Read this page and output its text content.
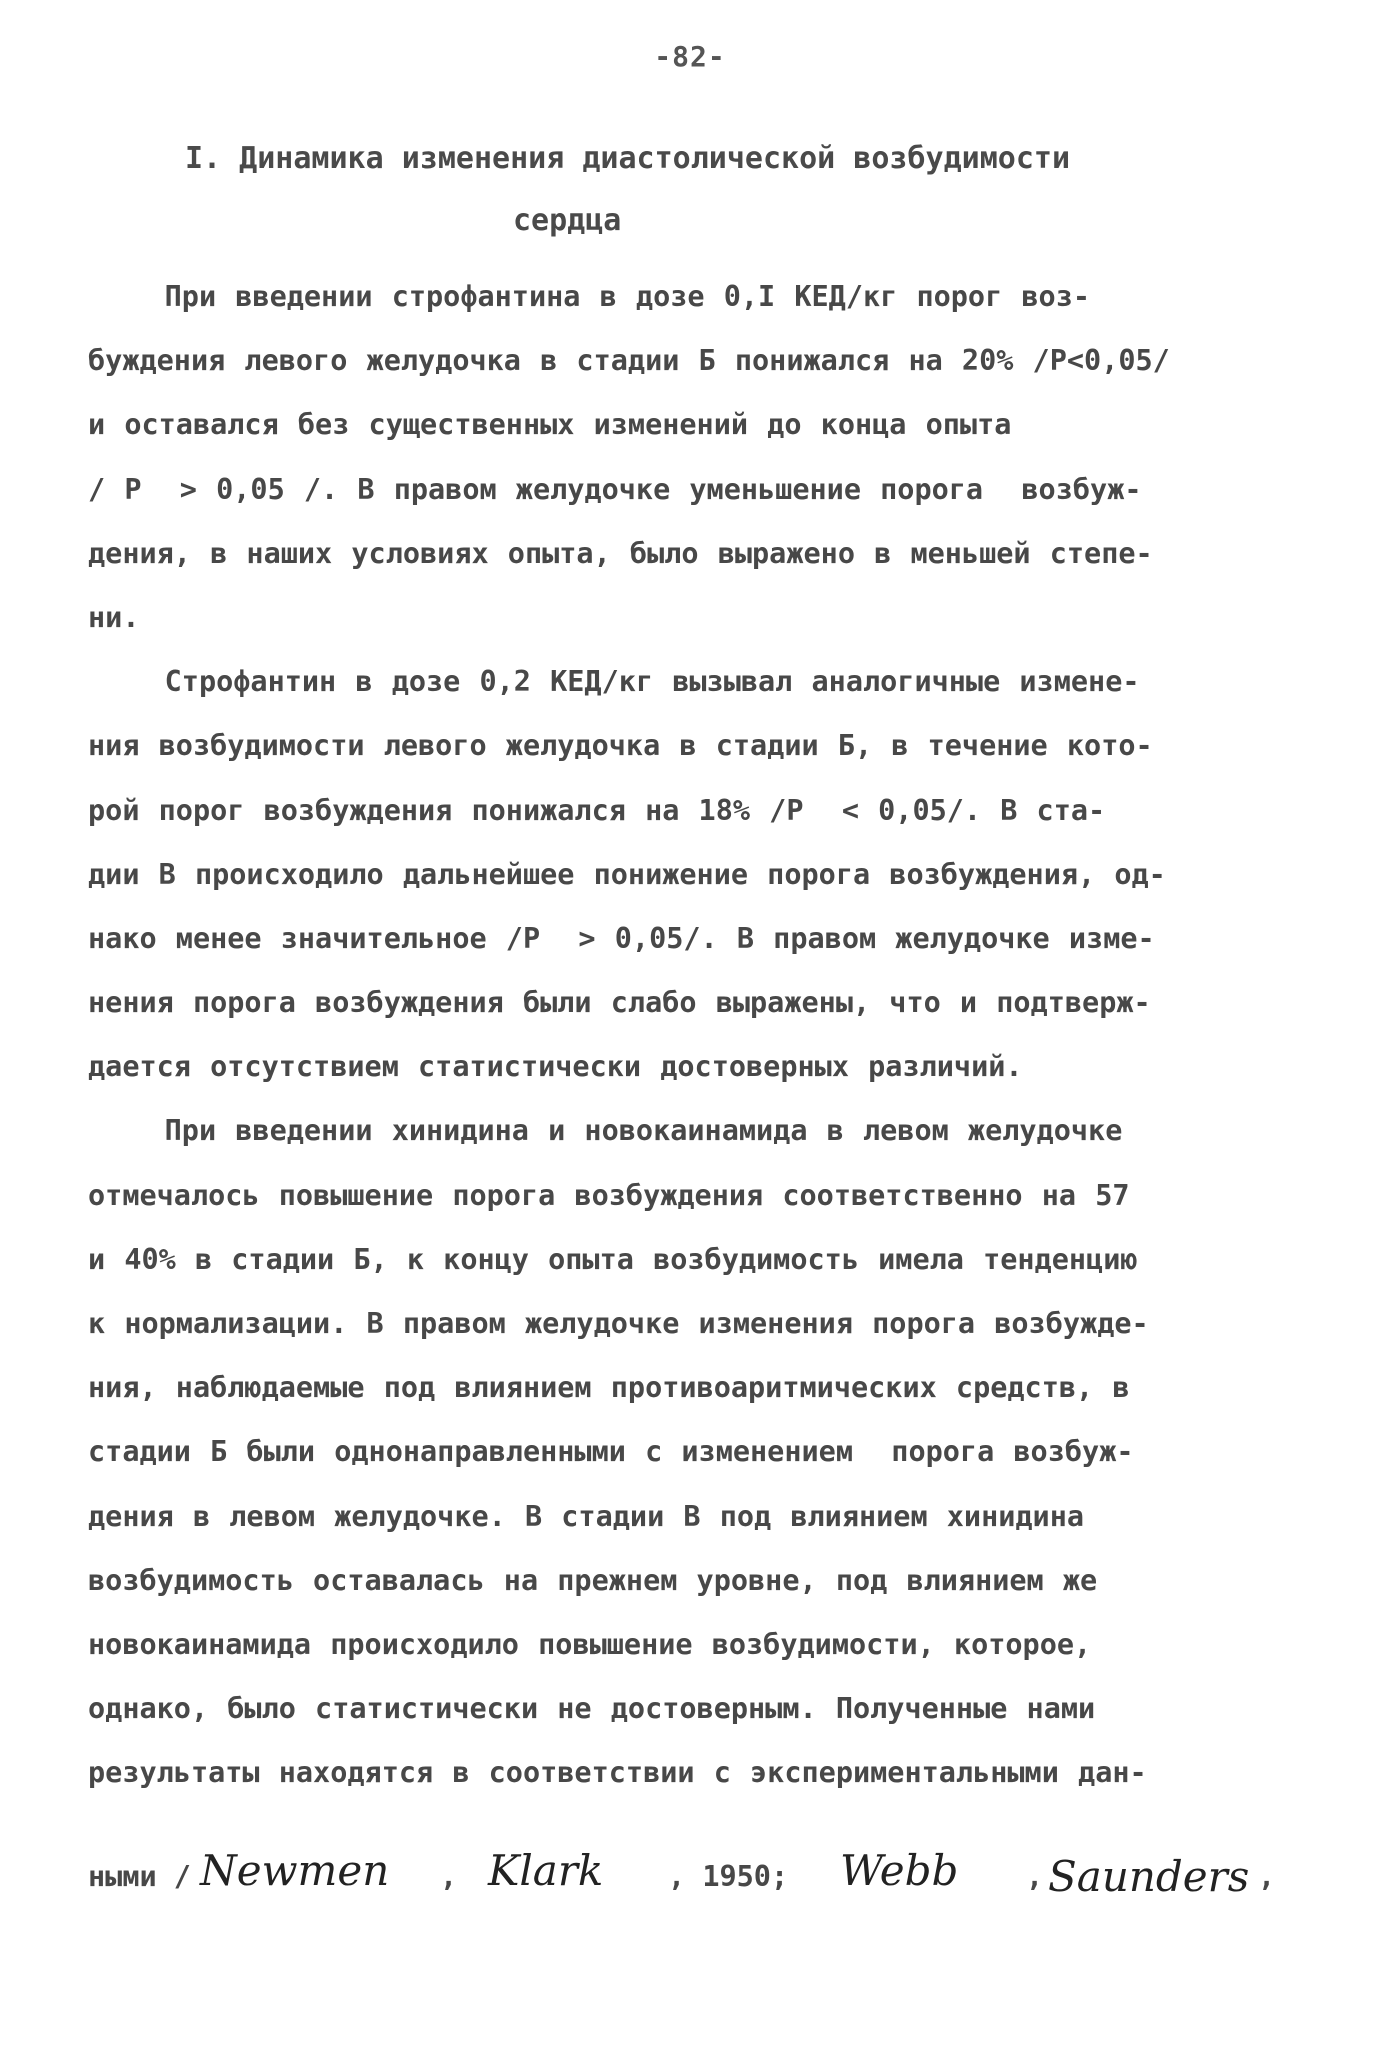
-82-
I. Динамика изменения диастолической возбудимости
сердца
При введении строфантина в дозе 0,I КЕД/кг порог воз-
буждения левого желудочка в стадии Б понижался на 20% /Р<0,05/
и оставался без существенных изменений до конца опыта
/ Р  > 0,05 /. В правом желудочке уменьшение порога  возбуж-
дения, в наших условиях опыта, было выражено в меньшей степе-
ни.
Строфантин в дозе 0,2 КЕД/кг вызывал аналогичные измене-
ния возбудимости левого желудочка в стадии Б, в течение кото-
рой порог возбуждения понижался на 18% /Р  < 0,05/. В ста-
дии В происходило дальнейшее понижение порога возбуждения, од-
нако менее значительное /Р  > 0,05/. В правом желудочке изме-
нения порога возбуждения были слабо выражены, что и подтверж-
дается отсутствием статистически достоверных различий.
При введении хинидина и новокаинамида в левом желудочке
отмечалось повышение порога возбуждения соответственно на 57
и 40% в стадии Б, к концу опыта возбудимость имела тенденцию
к нормализации. В правом желудочке изменения порога возбужде-
ния, наблюдаемые под влиянием противоаритмических средств, в
стадии Б были однонаправленными с изменением  порога возбуж-
дения в левом желудочке. В стадии В под влиянием хинидина
возбудимость оставалась на прежнем уровне, под влиянием же
новокаинамида происходило повышение возбудимости, которое,
однако, было статистически не достоверным. Полученные нами
результаты находятся в соответствии с экспериментальными дан-
ными / Newmen , Klark , 1950; Webb , Saunders ,
